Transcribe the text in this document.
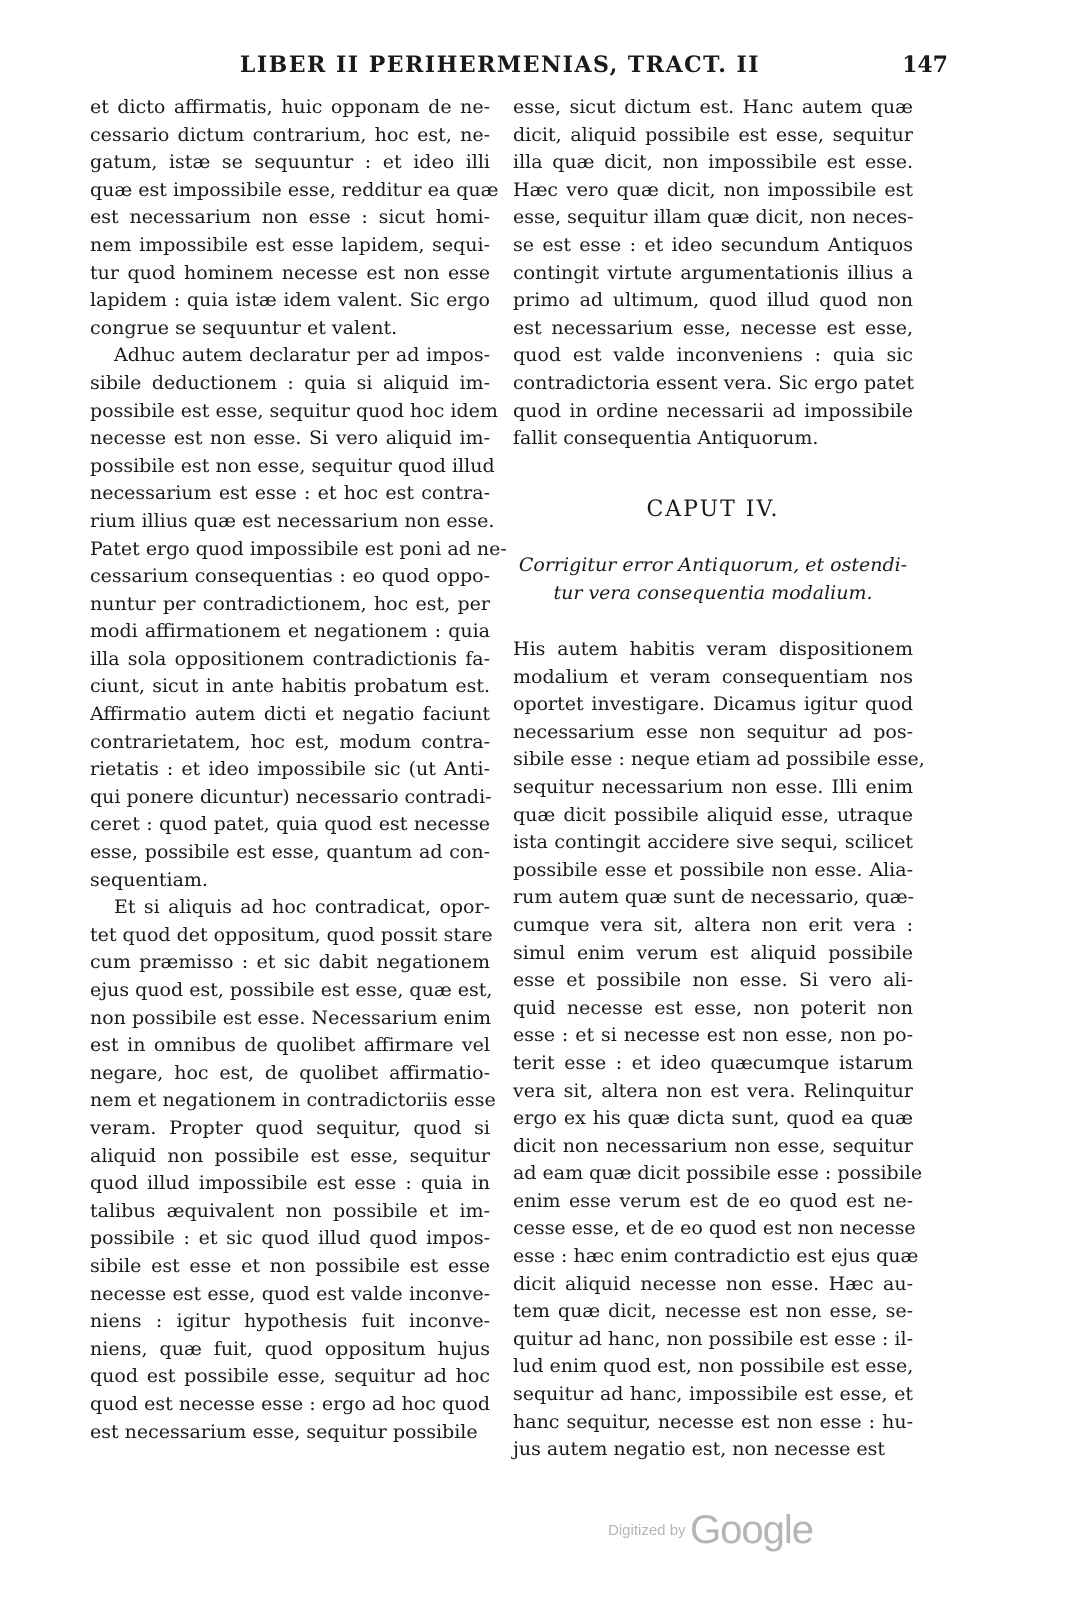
LIBER II PERIHERMENIAS, TRACT. II	147
et dicto affirmatis, huic opponam de ne-
cessario dictum contrarium, hoc est, ne-
gatum, istæ se sequuntur : et ideo illi
quæ est impossibile esse, redditur ea quæ
est necessarium non esse : sicut homi-
nem impossibile est esse lapidem, sequi-
tur quod hominem necesse est non esse
lapidem : quia istæ idem valent. Sic ergo
congrue se sequuntur et valent.
Adhuc autem declaratur per ad impos-
sibile deductionem : quia si aliquid im-
possibile est esse, sequitur quod hoc idem
necesse est non esse. Si vero aliquid im-
possibile est non esse, sequitur quod illud
necessarium est esse : et hoc est contra-
rium illius quæ est necessarium non esse.
Patet ergo quod impossibile est poni ad ne-
cessarium consequentias : eo quod oppo-
nuntur per contradictionem, hoc est, per
modi affirmationem et negationem : quia
illa sola oppositionem contradictionis fa-
ciunt, sicut in ante habitis probatum est.
Affirmatio autem dicti et negatio faciunt
contrarietatem, hoc est, modum contra-
rietatis : et ideo impossibile sic (ut Anti-
qui ponere dicuntur) necessario contradi-
ceret : quod patet, quia quod est necesse
esse, possibile est esse, quantum ad con-
sequentiam.
Et si aliquis ad hoc contradicat, opor-
tet quod det oppositum, quod possit stare
cum præmisso : et sic dabit negationem
ejus quod est, possibile est esse, quæ est,
non possibile est esse. Necessarium enim
est in omnibus de quolibet affirmare vel
negare, hoc est, de quolibet affirmatio-
nem et negationem in contradictoriis esse
veram. Propter quod sequitur, quod si
aliquid non possibile est esse, sequitur
quod illud impossibile est esse : quia in
talibus æquivalent non possibile et im-
possibile : et sic quod illud quod impos-
sibile est esse et non possibile est esse
necesse est esse, quod est valde inconve-
niens : igitur hypothesis fuit inconve-
niens, quæ fuit, quod oppositum hujus
quod est possibile esse, sequitur ad hoc
quod est necesse esse : ergo ad hoc quod
est necessarium esse, sequitur possibile
esse, sicut dictum est. Hanc autem quæ
dicit, aliquid possibile est esse, sequitur
illa quæ dicit, non impossibile est esse.
Hæc vero quæ dicit, non impossibile est
esse, sequitur illam quæ dicit, non neces-
se est esse : et ideo secundum Antiquos
contingit virtute argumentationis illius a
primo ad ultimum, quod illud quod non
est necessarium esse, necesse est esse,
quod est valde inconveniens : quia sic
contradictoria essent vera. Sic ergo patet
quod in ordine necessarii ad impossibile
fallit consequentia Antiquorum.
CAPUT IV.
Corrigitur error Antiquorum, et ostendi-
tur vera consequentia modalium.
His autem habitis veram dispositionem
modalium et veram consequentiam nos
oportet investigare. Dicamus igitur quod
necessarium esse non sequitur ad pos-
sibile esse : neque etiam ad possibile esse,
sequitur necessarium non esse. Illi enim
quæ dicit possibile aliquid esse, utraque
ista contingit accidere sive sequi, scilicet
possibile esse et possibile non esse. Alia-
rum autem quæ sunt de necessario, quæ-
cumque vera sit, altera non erit vera :
simul enim verum est aliquid possibile
esse et possibile non esse. Si vero ali-
quid necesse est esse, non poterit non
esse : et si necesse est non esse, non po-
terit esse : et ideo quæcumque istarum
vera sit, altera non est vera. Relinquitur
ergo ex his quæ dicta sunt, quod ea quæ
dicit non necessarium non esse, sequitur
ad eam quæ dicit possibile esse : possibile
enim esse verum est de eo quod est ne-
cesse esse, et de eo quod est non necesse
esse : hæc enim contradictio est ejus quæ
dicit aliquid necesse non esse. Hæc au-
tem quæ dicit, necesse est non esse, se-
quitur ad hanc, non possibile est esse : il-
lud enim quod est, non possibile est esse,
sequitur ad hanc, impossibile est esse, et
hanc sequitur, necesse est non esse : hu-
jus autem negatio est, non necesse est
Digitized by Google
